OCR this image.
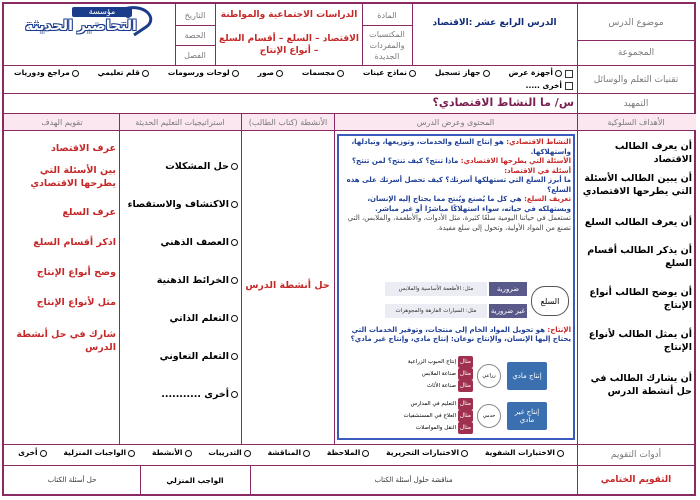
مؤسسة
التحاضير الحديثة
التاريخ
الحصة
الفصل
الدراسات الاجتماعية والمواطنة
الاقتصاد – السلع – أقسام السلع – أنواع الإنتاج
المادة
المكتسبات والمفردات الجديدة
الدرس الرابع عشر :الاقتصاد	موضوع الدرس
المجموعة
تقنيات التعلم والوسائل
أجهزة عرض
جهاز تسجيل
نماذج عينات
مجسمات
صور
لوحات ورسومات
قلم تعليمي
مراجع ودوريات
أخرى .....
التمهيد
س/ ما النشاط الاقتصادي؟
الأهداف السلوكية
المحتوى وعرض الدرس
الأنشطة (كتاب الطالب)
استراتيجيات التعليم الحديثة
تقويم الهدف
أن يعرف الطالب الاقتصاد
أن يبين الطالب الأسئلة التي يطرحها الاقتصادي
أن يعرف الطالب السلع
أن يذكر الطالب أقسام السلع
أن يوضح الطالب أنواع الإنتاج
أن يمثل الطالب لأنواع الإنتاج
أن يشارك الطالب في حل أنشطة الدرس
النشاط الاقتصادي: هو إنتاج السلع والخدمات، وتوزيعها، وتبادلها، واستهلاكها.
الأسئلة التي يطرحها الاقتصادي: ماذا تنتج؟ كيف تنتج؟ لمن تنتج؟
أسئلة في الاقتصاد:
ما أبرز السلع التي تستهلكها أسرتك؟ كيف تحصل أسرتك على هذه السلع؟
تعريف السلع: هي كل ما يُصنع ويُنتج مما يحتاج إليه الإنسان، ويستهلكه في حياته، سواء استهلاكًا مباشرًا أو غير مباشر.
تستعمل في حياتنا اليومية سلعًا كثيرة، مثل الأدوات، والأطعمة، والملابس، التي تصنع من المواد الأولية، وتحول إلى سلع مفيدة.
السلع
ضرورية
مثل: الأطعمة الأساسية والملابس
غير ضرورية
مثل: السيارات الفارهة والمجوهرات
الإنتاج: هو تحويل المواد الخام إلى منتجات، وتوفير الخدمات التي يحتاج إليها الإنسان، والإنتاج نوعان: إنتاج مادي، وإنتاج غير مادي؟
إنتاج مادي
إنتاج غير مادي
زراعي
خدمي
مثال إنتاج الحبوب الزراعية
مثال صناعة الملابس
مثال صناعة الأثاث
مثال التعليم في المدارس
مثال العلاج في المستشفيات
مثال النقل والمواصلات
حل أنشطة الدرس
حل المشكلات
الاكتشاف والاستقصاء
العصف الذهني
الخرائط الذهنية
التعلم الذاتي
التعلم التعاوني
أخرى ...........
عرف الاقتصاد
بين الأسئلة التي يطرحها الاقتصادي
عرف السلع
اذكر أقسام السلع
وضح أنواع الإنتاج
مثل لأنواع الإنتاج
شارك في حل أنشطة الدرس
أدوات التقويم
الاختبارات الشفوية
الاختبارات التحريرية
الملاحظة
المناقشة
التدريبات
الأنشطة
الواجبات المنزلية
أخرى
التقويم الختامي
مناقشة حلول أسئلة الكتاب
الواجب المنزلي
حل أسئلة الكتاب
